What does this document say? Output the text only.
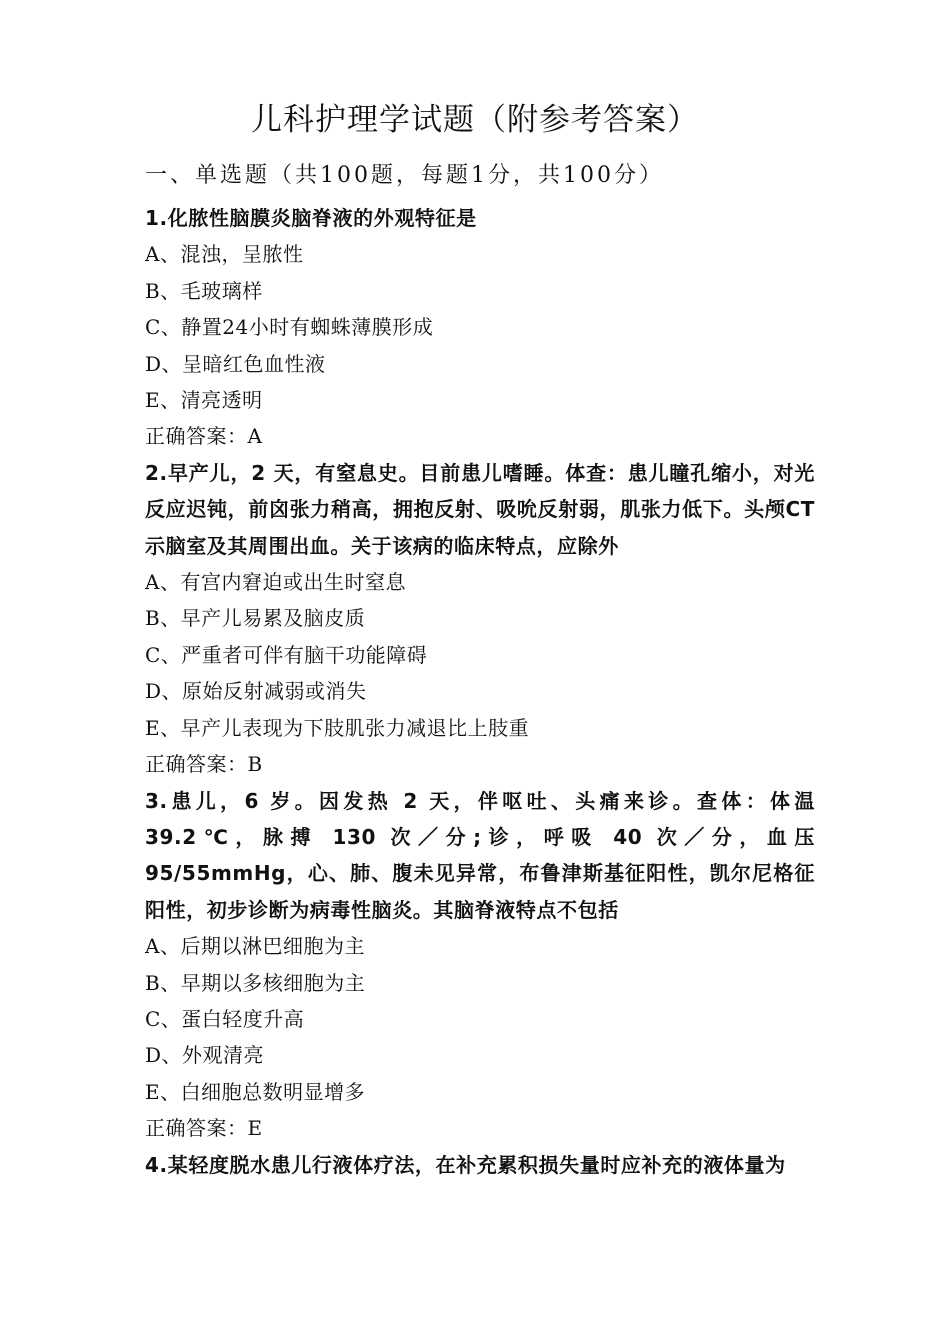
儿科护理学试题（附参考答案）
一、单选题（共100题，每题1分，共100分）

1.化脓性脑膜炎脑脊液的外观特征是

A、混浊，呈脓性

B、毛玻璃样

C、静置24小时有蜘蛛薄膜形成

D、呈暗红色血性液

E、清亮透明

正确答案：A

2.早产儿，2 天，有窒息史。目前患儿嗜睡。体查：患儿瞳孔缩小，对光反应迟钝，前囟张力稍高，拥抱反射、吸吮反射弱，肌张力低下。头颅CT示脑室及其周围出血。关于该病的临床特点，应除外

A、有宫内窘迫或出生时窒息

B、早产儿易累及脑皮质

C、严重者可伴有脑干功能障碍

D、原始反射减弱或消失

E、早产儿表现为下肢肌张力减退比上肢重

正确答案：B

3.患儿，6 岁。因发热 2 天，伴呕吐、头痛来诊。查体：体温 39.2℃，脉搏 130 次／分;诊，呼吸 40 次／分，血压 95/55mmHg，心、肺、腹未见异常，布鲁津斯基征阳性，凯尔尼格征阳性，初步诊断为病毒性脑炎。其脑脊液特点不包括

A、后期以淋巴细胞为主

B、早期以多核细胞为主

C、蛋白轻度升高

D、外观清亮

E、白细胞总数明显增多

正确答案：E

4.某轻度脱水患儿行液体疗法，在补充累积损失量时应补充的液体量为
